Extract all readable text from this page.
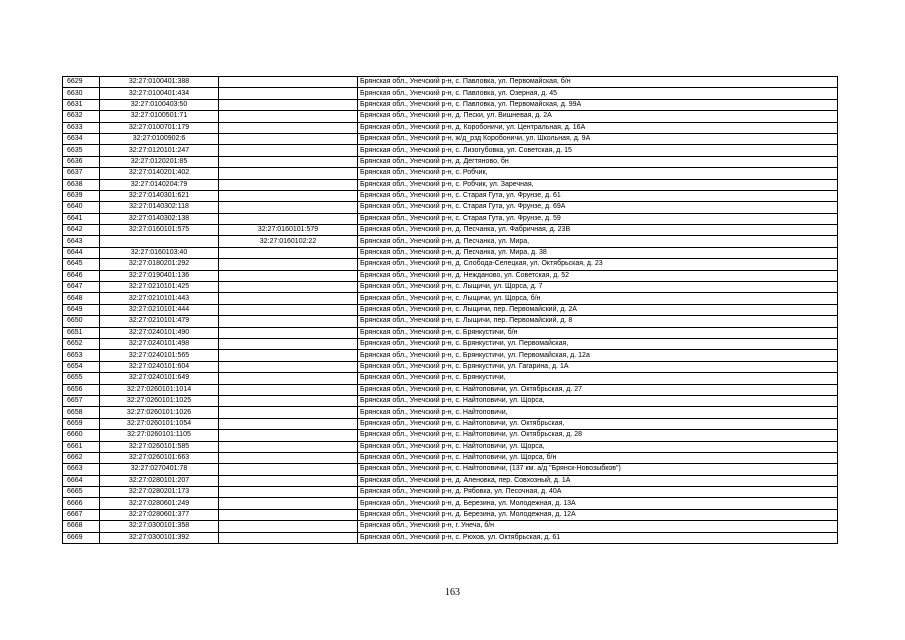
6629	32:27:0100401:388		Брянская обл., Унечский р-н, с. Павловка, ул. Первомайская, б/н
6630	32:27:0100401:434		Брянская обл., Унечский р-н, с. Павловка, ул. Озерная, д. 45
6631	32:27:0100403:50		Брянская обл., Унечский р-н, с. Павловка, ул. Первомайская, д. 99А
6632	32:27:0100501:71		Брянская обл., Унечский р-н, д. Пески, ул. Вишневая, д. 2А
6633	32:27:0100701:179		Брянская обл., Унечский р-н, д. Коробоничи, ул. Центральная, д. 16А
6634	32:27:0100902:6		Брянская обл., Унечский р-н, ж/д_рзд Коробоничи, ул. Школьная, д. 9А
6635	32:27:0120101:247		Брянская обл., Унечский р-н, с. Лизогубовка, ул. Советская, д. 15
6636	32:27:0120201:85		Брянская обл., Унечский р-н, д. Дегтяново, бн
6637	32:27:0140201:402		Брянская обл., Унечский р-н, с. Робчик,
6638	32:27:0140204:79		Брянская обл., Унечский р-н, с. Робчик, ул. Заречная,
6639	32:27:0140301:621		Брянская обл., Унечский р-н, с. Старая Гута, ул. Фрунзе, д. 61
6640	32:27:0140302:118		Брянская обл., Унечский р-н, с. Старая Гута, ул. Фрунзе, д. 69А
6641	32:27:0140302:138		Брянская обл., Унечский р-н, с. Старая Гута, ул. Фрунзе, д. 59
6642	32:27:0160101:575	32:27:0160101:579	Брянская обл., Унечский р-н, д. Песчанка, ул. Фабричная, д. 23В
6643		32:27:0160102:22	Брянская обл., Унечский р-н, д. Песчанка, ул. Мира,
6644	32:27:0160103:40		Брянская обл., Унечский р-н, д. Песчанка, ул. Мира, д. 38
6645	32:27:0180201:292		Брянская обл., Унечский р-н, д. Слобода-Селецкая, ул. Октябрьская, д. 23
6646	32:27:0190401:136		Брянская обл., Унечский р-н, д. Неждановo, ул. Советская, д. 52
6647	32:27:0210101:425		Брянская обл., Унечский р-н, с. Лыщичи, ул. Щорса, д. 7
6648	32:27:0210101:443		Брянская обл., Унечский р-н, с. Лыщичи, ул. Щорса, б/н
6649	32:27:0210101:444		Брянская обл., Унечский р-н, с. Лыщичи, пер. Первомайский, д. 2А
6650	32:27:0210101:479		Брянская обл., Унечский р-н, с. Лыщичи, пер. Первомайский, д. 8
6651	32:27:0240101:490		Брянская обл., Унечский р-н, с. Брянкустичи, б/н
6652	32:27:0240101:498		Брянская обл., Унечский р-н, с. Брянкустичи, ул. Первомайская,
6653	32:27:0240101:565		Брянская обл., Унечский р-н, с. Брянкустичи, ул. Первомайская, д. 12а
6654	32:27:0240101:604		Брянская обл., Унечский р-н, с. Брянкустичи, ул. Гагарина, д. 1А
6655	32:27:0240101:649		Брянская обл., Унечский р-н, с. Брянкустичи,
6656	32:27:0260101:1014		Брянская обл., Унечский р-н, с. Найтоповичи, ул. Октябрьская, д. 27
6657	32:27:0260101:1025		Брянская обл., Унечский р-н, с. Найтоповичи, ул. Щорса,
6658	32:27:0260101:1026		Брянская обл., Унечский р-н, с. Найтоповичи,
6659	32:27:0260101:1054		Брянская обл., Унечский р-н, с. Найтоповичи, ул. Октябрьская,
6660	32:27:0260101:1105		Брянская обл., Унечский р-н, с. Найтоповичи, ул. Октябрьская, д. 28
6661	32:27:0260101:585		Брянская обл., Унечский р-н, с. Найтоповичи, ул. Щорса,
6662	32:27:0260101:663		Брянская обл., Унечский р-н, с. Найтоповичи, ул. Щорса, б/н
6663	32:27:0270401:78		Брянская обл., Унечский р-н, с. Найтоповичи, (137 км. а/д "Брянск-Новозыбков")
6664	32:27:0280101:207		Брянская обл., Унечский р-н, д. Аленовка, пер. Совхозный, д. 1А
6665	32:27:0280201:173		Брянская обл., Унечский р-н, д. Рябовка, ул. Песочная, д. 40А
6666	32:27:0280601:249		Брянская обл., Унечский р-н, д. Березина, ул. Молодежная, д. 13А
6667	32:27:0280601:377		Брянская обл., Унечский р-н, д. Березина, ул. Молодежная, д. 12А
6668	32:27:0300101:358		Брянская обл., Унечский р-н, г. Унеча, б/н
6669	32:27:0300101:392		Брянская обл., Унечский р-н, с. Рюхов, ул. Октябрьская, д. 61
163
